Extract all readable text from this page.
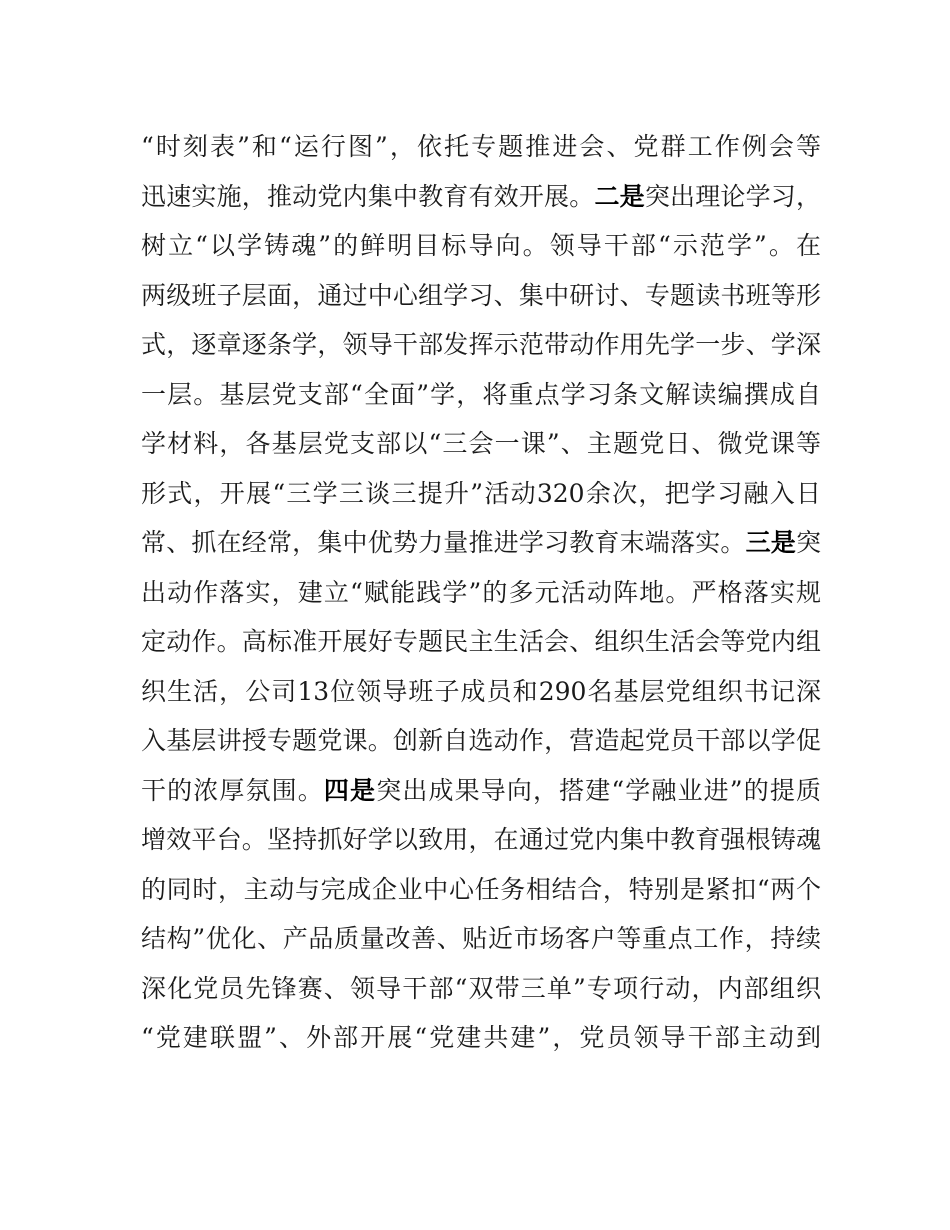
“时刻表”和“运行图”，依托专题推进会、党群工作例会等
迅速实施，推动党内集中教育有效开展。二是突出理论学习，
树立“以学铸魂”的鲜明目标导向。领导干部“示范学”。在
两级班子层面，通过中心组学习、集中研讨、专题读书班等形
式，逐章逐条学，领导干部发挥示范带动作用先学一步、学深
一层。基层党支部“全面”学，将重点学习条文解读编撰成自
学材料，各基层党支部以“三会一课”、主题党日、微党课等
形式，开展“三学三谈三提升”活动320余次，把学习融入日
常、抓在经常，集中优势力量推进学习教育末端落实。三是突
出动作落实，建立“赋能践学”的多元活动阵地。严格落实规
定动作。高标准开展好专题民主生活会、组织生活会等党内组
织生活，公司13位领导班子成员和290名基层党组织书记深
入基层讲授专题党课。创新自选动作，营造起党员干部以学促
干的浓厚氛围。四是突出成果导向，搭建“学融业进”的提质
增效平台。坚持抓好学以致用，在通过党内集中教育强根铸魂
的同时，主动与完成企业中心任务相结合，特别是紧扣“两个
结构”优化、产品质量改善、贴近市场客户等重点工作，持续
深化党员先锋赛、领导干部“双带三单”专项行动，内部组织
“党建联盟”、外部开展“党建共建”，党员领导干部主动到
